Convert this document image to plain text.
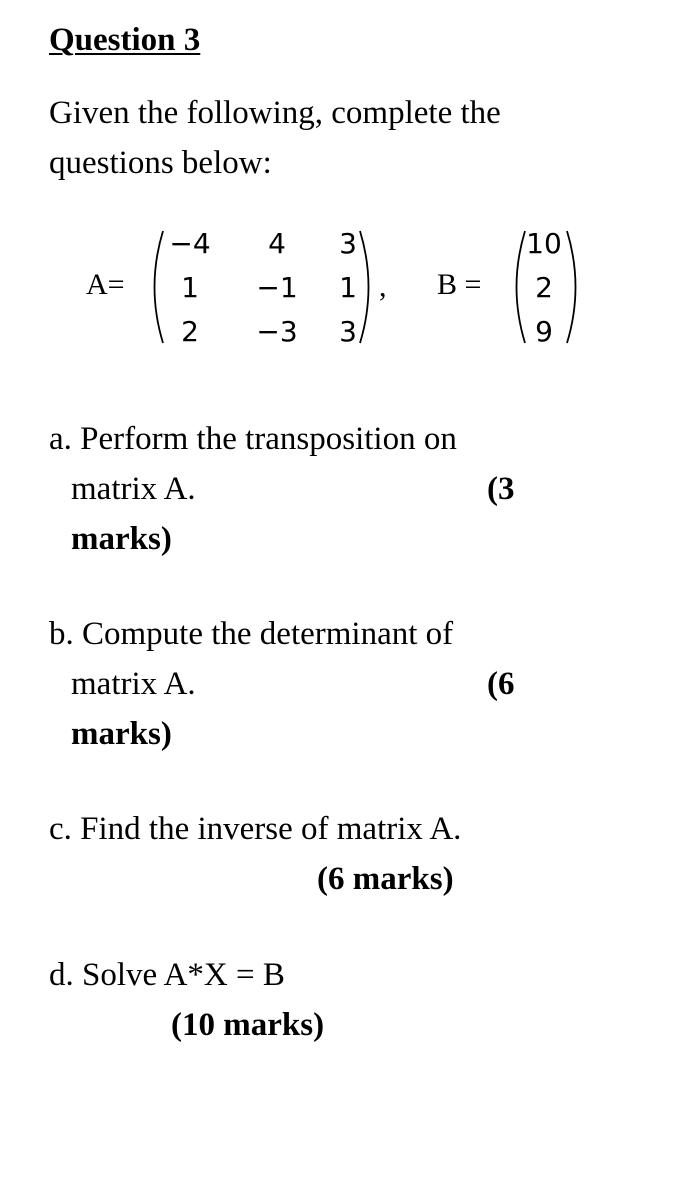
Question 3
Given the following, complete the
questions below:
A=
−4	4	3
1	−1	1
2	−3	3
, B =
10
2
9
a. Perform the transposition on
matrix A.	(3
marks)
b. Compute the determinant of
matrix A.	(6
marks)
c. Find the inverse of matrix A.
(6 marks)
d. Solve A*X = B
(10 marks)
